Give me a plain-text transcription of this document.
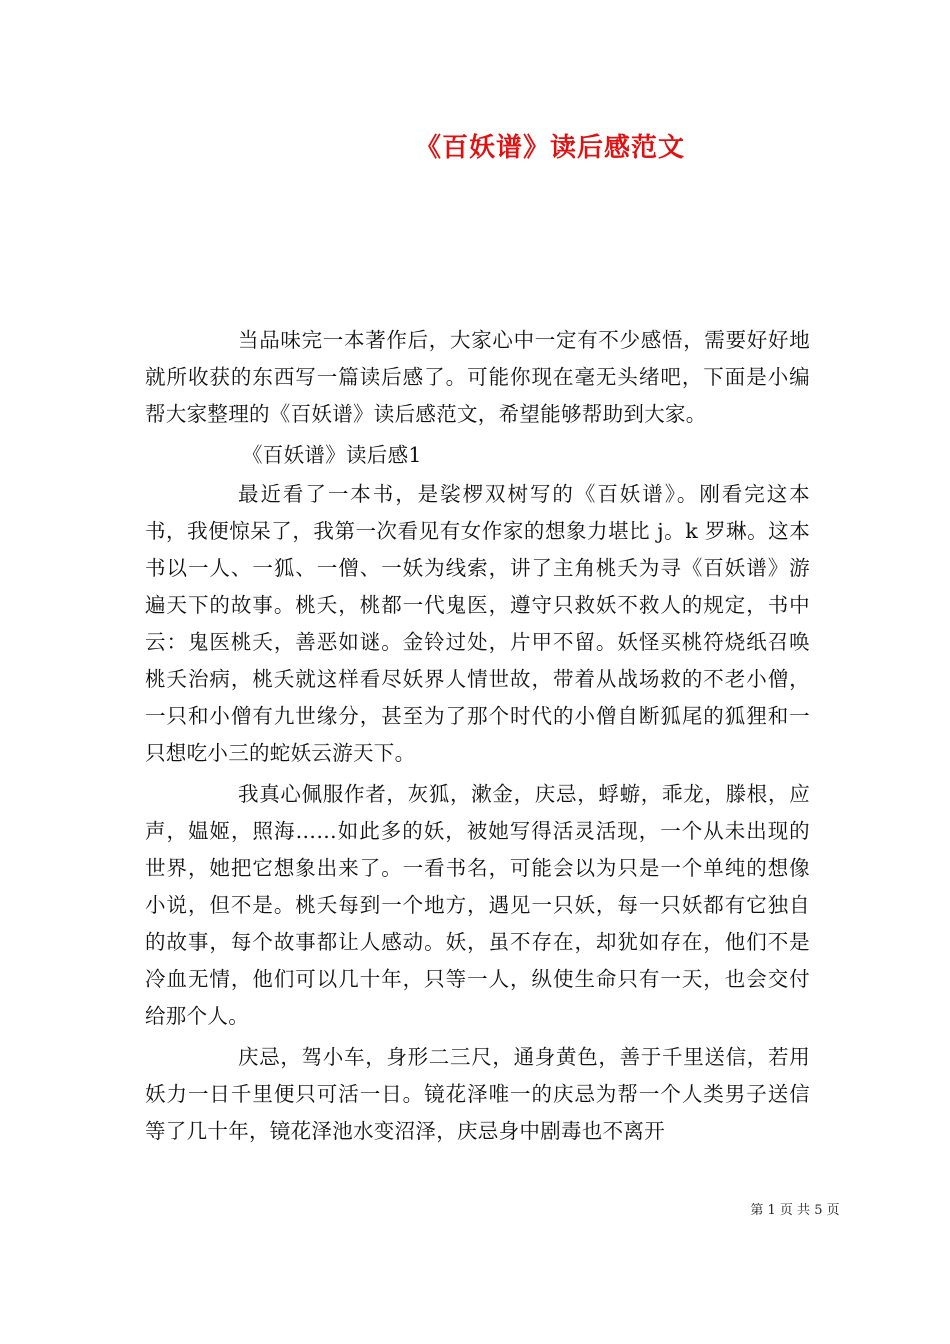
《百妖谱》读后感范文

当品味完一本著作后，大家心中一定有不少感悟，需要好好地就所收获的东西写一篇读后感了。可能你现在毫无头绪吧，下面是小编帮大家整理的《百妖谱》读后感范文，希望能够帮助到大家。

《百妖谱》读后感1

最近看了一本书，是裟椤双树写的《百妖谱》。刚看完这本书，我便惊呆了，我第一次看见有女作家的想象力堪比 j。k 罗琳。这本书以一人、一狐、一僧、一妖为线索，讲了主角桃夭为寻《百妖谱》游遍天下的故事。桃夭，桃都一代鬼医，遵守只救妖不救人的规定，书中云：鬼医桃夭，善恶如谜。金铃过处，片甲不留。妖怪买桃符烧纸召唤桃夭治病，桃夭就这样看尽妖界人情世故，带着从战场救的不老小僧，一只和小僧有九世缘分，甚至为了那个时代的小僧自断狐尾的狐狸和一只想吃小三的蛇妖云游天下。

我真心佩服作者，灰狐，漱金，庆忌，蜉蝣，乖龙，滕根，应声，媪姬，照海……如此多的妖，被她写得活灵活现，一个从未出现的世界，她把它想象出来了。一看书名，可能会以为只是一个单纯的想像小说，但不是。桃夭每到一个地方，遇见一只妖，每一只妖都有它独自的故事，每个故事都让人感动。妖，虽不存在，却犹如存在，他们不是冷血无情，他们可以几十年，只等一人，纵使生命只有一天，也会交付给那个人。

庆忌，驾小车，身形二三尺，通身黄色，善于千里送信，若用妖力一日千里便只可活一日。镜花泽唯一的庆忌为帮一个人类男子送信等了几十年，镜花泽池水变沼泽，庆忌身中剧毒也不离开

第 1 页 共 5 页
